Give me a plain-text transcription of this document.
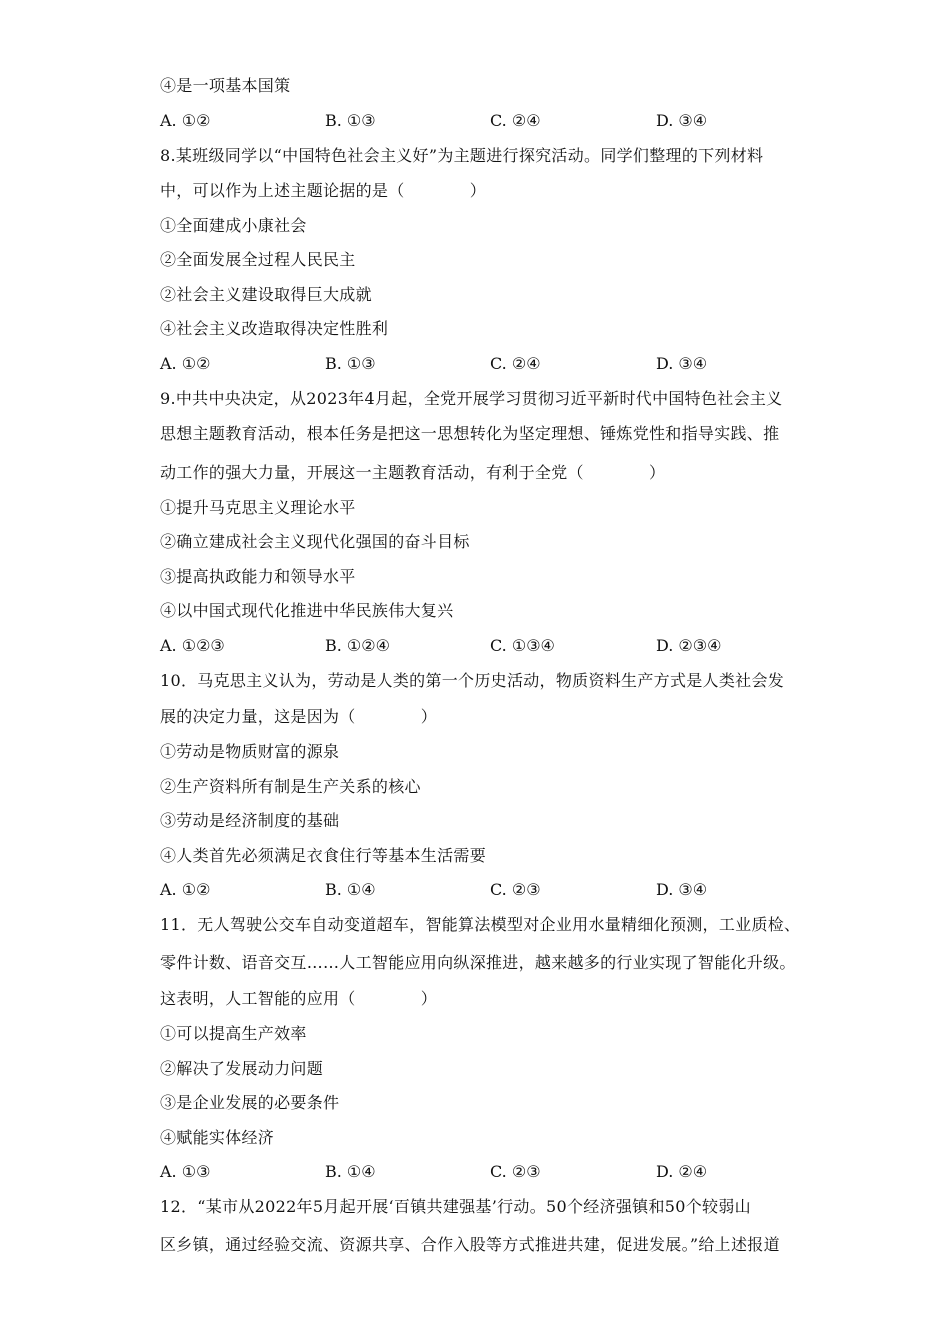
④是一项基本国策
A. ①②	B. ①③	C. ②④	D. ③④
8.某班级同学以“中国特色社会主义好”为主题进行探究活动。同学们整理的下列材料
中，可以作为上述主题论据的是（　　　　）
①全面建成小康社会
②全面发展全过程人民民主
②社会主义建设取得巨大成就
④社会主义改造取得决定性胜利
A. ①②	B. ①③	C. ②④	D. ③④
9.中共中央决定，从2023年4月起，全党开展学习贯彻习近平新时代中国特色社会主义
思想主题教育活动，根本任务是把这一思想转化为坚定理想、锤炼党性和指导实践、推
动工作的强大力量，开展这一主题教育活动，有利于全党（　　　　）
①提升马克思主义理论水平
②确立建成社会主义现代化强国的奋斗目标
③提高执政能力和领导水平
④以中国式现代化推进中华民族伟大复兴
A. ①②③	B. ①②④	C. ①③④	D. ②③④
10．马克思主义认为，劳动是人类的第一个历史活动，物质资料生产方式是人类社会发
展的决定力量，这是因为（　　　　）
①劳动是物质财富的源泉
②生产资料所有制是生产关系的核心
③劳动是经济制度的基础
④人类首先必须满足衣食住行等基本生活需要
A. ①②	B. ①④	C. ②③	D. ③④
11．无人驾驶公交车自动变道超车，智能算法模型对企业用水量精细化预测，工业质检、
零件计数、语音交互……人工智能应用向纵深推进，越来越多的行业实现了智能化升级。
这表明，人工智能的应用（　　　　）
①可以提高生产效率
②解决了发展动力问题
③是企业发展的必要条件
④赋能实体经济
A. ①③	B. ①④	C. ②③	D. ②④
12．“某市从2022年5月起开展‘百镇共建强基’行动。50个经济强镇和50个较弱山
区乡镇，通过经验交流、资源共享、合作入股等方式推进共建，促进发展。”给上述报道
